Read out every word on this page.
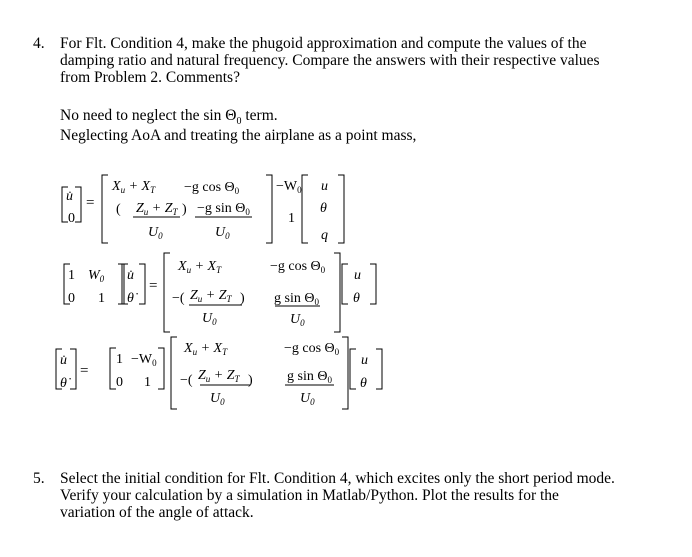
4. For Flt. Condition 4, make the phugoid approximation and compute the values of the
damping ratio and natural frequency. Compare the answers with their respective values
from Problem 2. Comments?
No need to neglect the $\sin \Theta_0$ term.
Neglecting AoA and treating the airplane as a point mass,
u̇
0
=
$X_u + X_T -g$ $\cos \Theta_0$	$-W_0$
( $Z_u + Z_T$ )
$U_0$
−g $\sin \Theta_0$
$U_0$
1
u
θ
q
1 $W_0$
0 1
u̇
θ̇
=
$X_u + X_T$	−g $\cos \Theta_0$
−( $Z_u + Z_T$ )
$U_0$
g $\sin \Theta_0$
$U_0$
u
θ
u̇
θ̇
=
$1 -W_0$
0 1
$X_u + X_T$	−g $\cos \Theta_0$
−( $Z_u + Z_T$ )
$U_0$
g $\sin \Theta_0$
$U_0$
u
θ
5. Select the initial condition for Flt. Condition 4, which excites only the short period mode.
Verify your calculation by a simulation in Matlab/Python. Plot the results for the
variation of the angle of attack.
